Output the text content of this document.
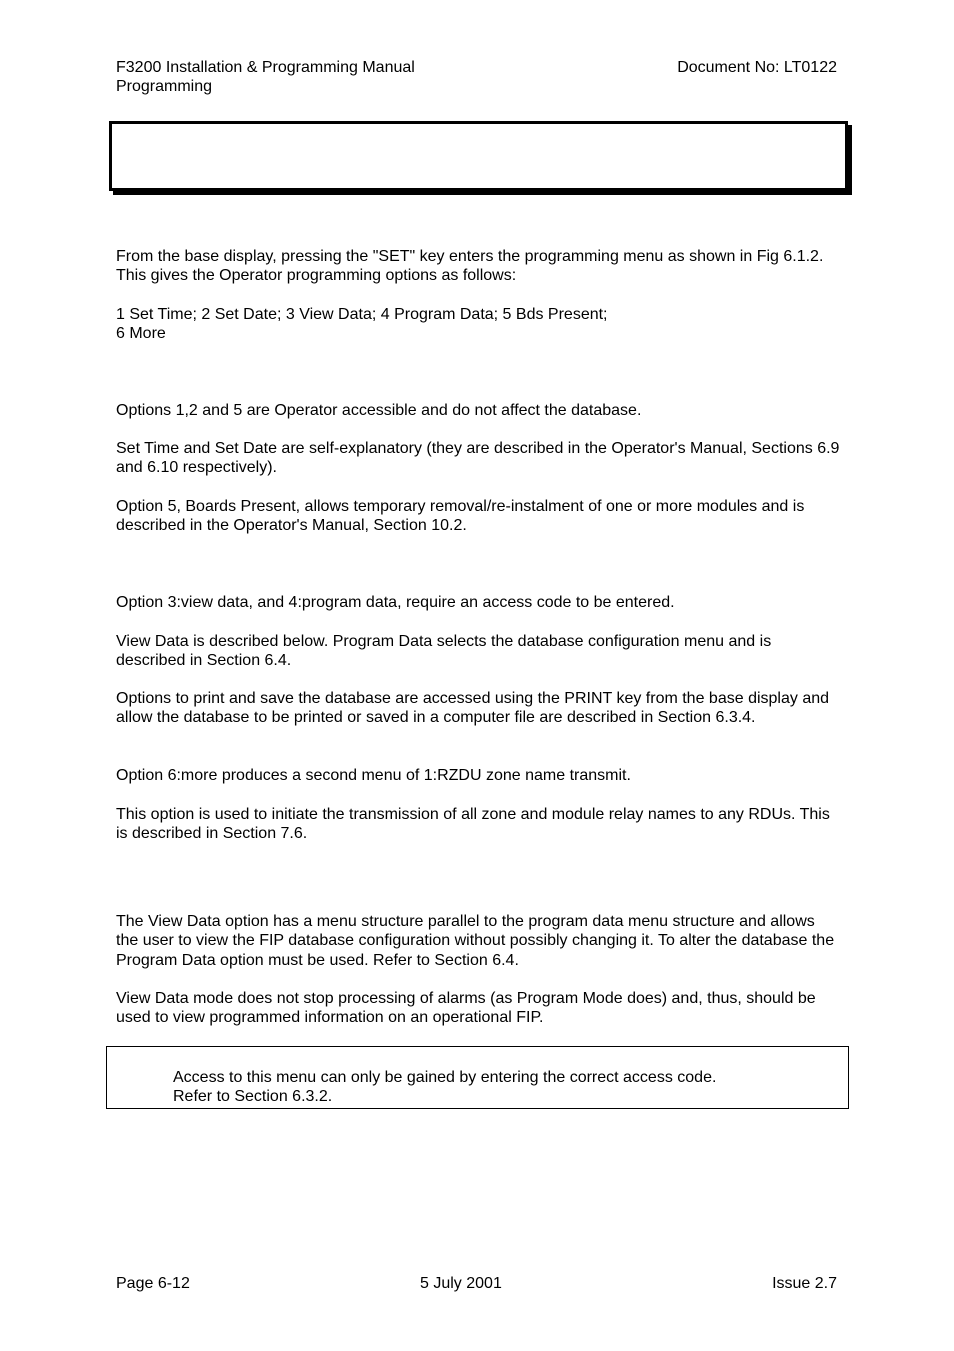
F3200 Installation & Programming Manual
Programming
Document No: LT0122

From the base display, pressing the "SET" key enters the programming menu as shown in Fig 6.1.2. This gives the Operator programming options as follows:

1 Set Time; 2 Set Date; 3 View Data; 4 Program Data; 5 Bds Present;
6 More

Options 1,2 and 5 are Operator accessible and do not affect the database.

Set Time and Set Date are self-explanatory (they are described in the Operator's Manual, Sections 6.9 and 6.10 respectively).

Option 5, Boards Present, allows temporary removal/re-instalment of one or more modules and is described in the Operator's Manual, Section 10.2.

Option 3:view data, and 4:program data, require an access code to be entered.

View Data is described below. Program Data selects the database configuration menu and is described in Section 6.4.

Options to print and save the database are accessed using the PRINT key from the base display and allow the database to be printed or saved in a computer file are described in Section 6.3.4.

Option 6:more produces a second menu of 1:RZDU zone name transmit.

This option is used to initiate the transmission of all zone and module relay names to any RDUs. This is described in Section 7.6.

The View Data option has a menu structure parallel to the program data menu structure and allows the user to view the FIP database configuration without possibly changing it. To alter the database the Program Data option must be used. Refer to Section 6.4.

View Data mode does not stop processing of alarms (as Program Mode does) and, thus, should be used to view programmed information on an operational FIP.

Access to this menu can only be gained by entering the correct access code.
Refer to Section 6.3.2.
Page 6-12	5 July 2001	Issue 2.7
